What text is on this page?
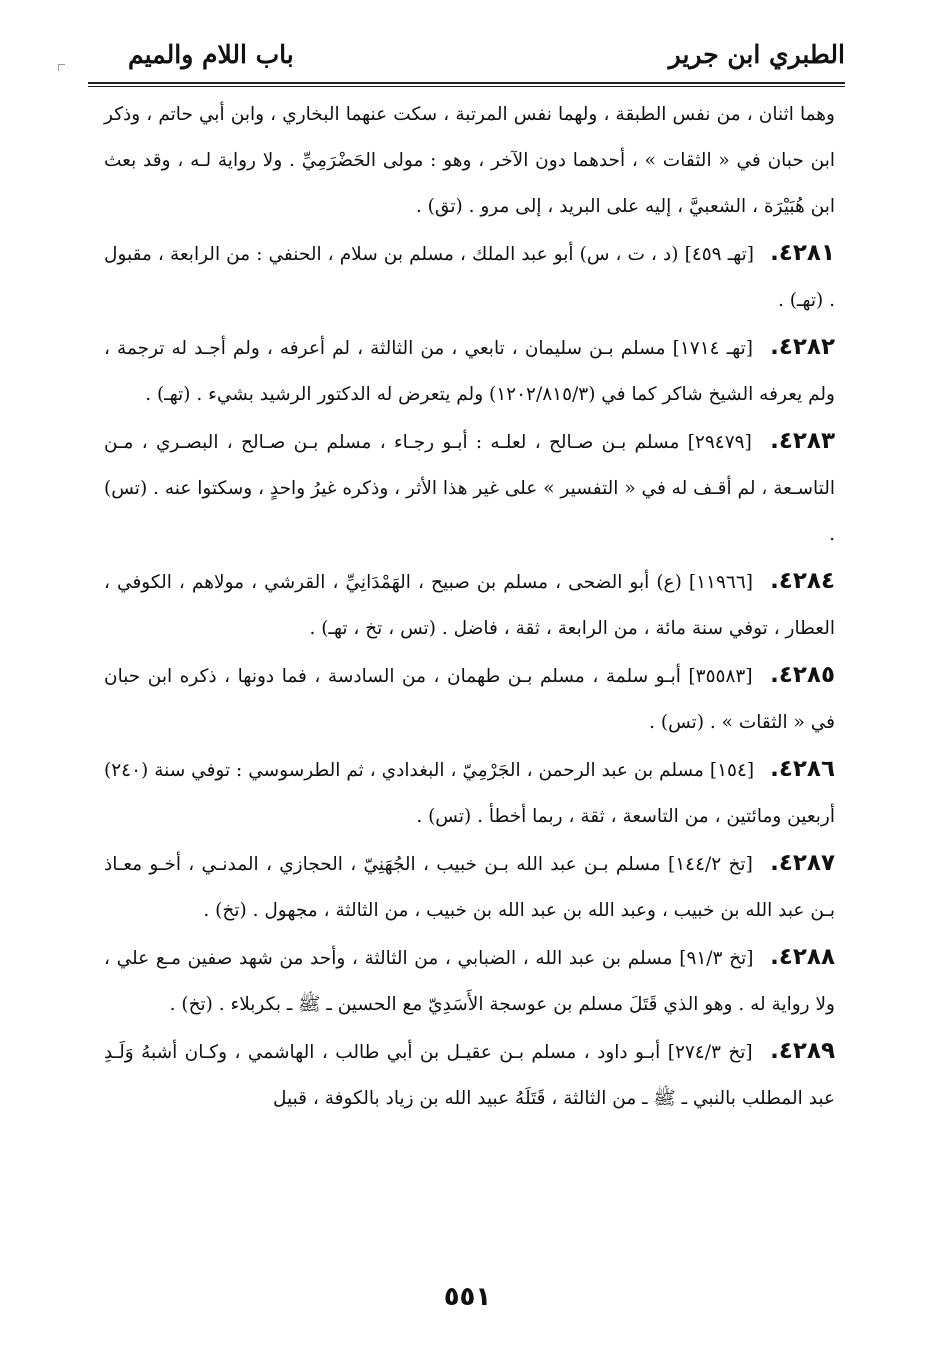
الطبري ابن جرير
باب اللام والميم
وهما اثنان ، من نفس الطبقة ، ولهما نفس المرتبة ، سكت عنهما البخاري ، وابن أبي حاتم ، وذكر ابن حبان في « الثقات » ، أحدهما دون الآخر ، وهو : مولى الحَضْرَمِيِّ . ولا رواية لـه ، وقد بعث ابن هُبَيْرَة ، الشعبيَّ ، إليه على البريد ، إلى مرو . (تق) .
٤٢٨١. [تهـ ٤٥٩] (د ، ت ، س) أبو عبد الملك ، مسلم بن سلام ، الحنفي : من الرابعة ، مقبول . (تهـ) .
٤٢٨٢. [تهـ ١٧١٤] مسلم بـن سليمان ، تابعي ، من الثالثة ، لم أعرفه ، ولم أجـد له ترجمة ، ولم يعرفه الشيخ شاكر كما في (١٢٠٢/٨١٥/٣) ولم يتعرض له الدكتور الرشيد بشيء . (تهـ) .
٤٢٨٣. [٢٩٤٧٩] مسلم بـن صـالح ، لعلـه : أبـو رجـاء ، مسلم بـن صـالح ، البصـري ، مـن التاسـعة ، لم أقـف له في « التفسير » على غير هذا الأثر ، وذكره غيرُ واحدٍ ، وسكتوا عنه . (تس) .
٤٢٨٤. [١١٩٦٦] (ع) أبو الضحى ، مسلم بن صبيح ، الهَمْدَانِيِّ ، القرشي ، مولاهم ، الكوفي ، العطار ، توفي سنة مائة ، من الرابعة ، ثقة ، فاضل . (تس ، تخ ، تهـ) .
٤٢٨٥. [٣٥٥٨٣] أبـو سلمة ، مسلم بـن طهمان ، من السادسة ، فما دونها ، ذكره ابن حبان في « الثقات » . (تس) .
٤٢٨٦. [١٥٤] مسلم بن عبد الرحمن ، الجَرْمِيّ ، البغدادي ، ثم الطرسوسي : توفي سنة (٢٤٠) أربعين ومائتين ، من التاسعة ، ثقة ، ربما أخطأ . (تس) .
٤٢٨٧. [تخ ١٤٤/٢] مسلم بـن عبد الله بـن خبيب ، الجُهَنِيّ ، الحجازي ، المدنـي ، أخـو معـاذ بـن عبد الله بن خبيب ، وعبد الله بن عبد الله بن خبيب ، من الثالثة ، مجهول . (تخ) .
٤٢٨٨. [تخ ٩١/٣] مسلم بن عبد الله ، الضبابي ، من الثالثة ، وأحد من شهد صفين مـع علي ، ولا رواية له . وهو الذي قَتَلَ مسلم بن عوسجة الأَسَدِيّ مع الحسين ـ ﷺ ـ بكربلاء . (تخ) .
٤٢٨٩. [تخ ٢٧٤/٣] أبـو داود ، مسلم بـن عقيـل بن أبي طالب ، الهاشمي ، وكـان أشبهُ وَلَـدِ عبد المطلب بالنبي ـ ﷺ ـ من الثالثة ، قَتَلَهُ عبيد الله بن زياد بالكوفة ، قبيل
٥٥١
